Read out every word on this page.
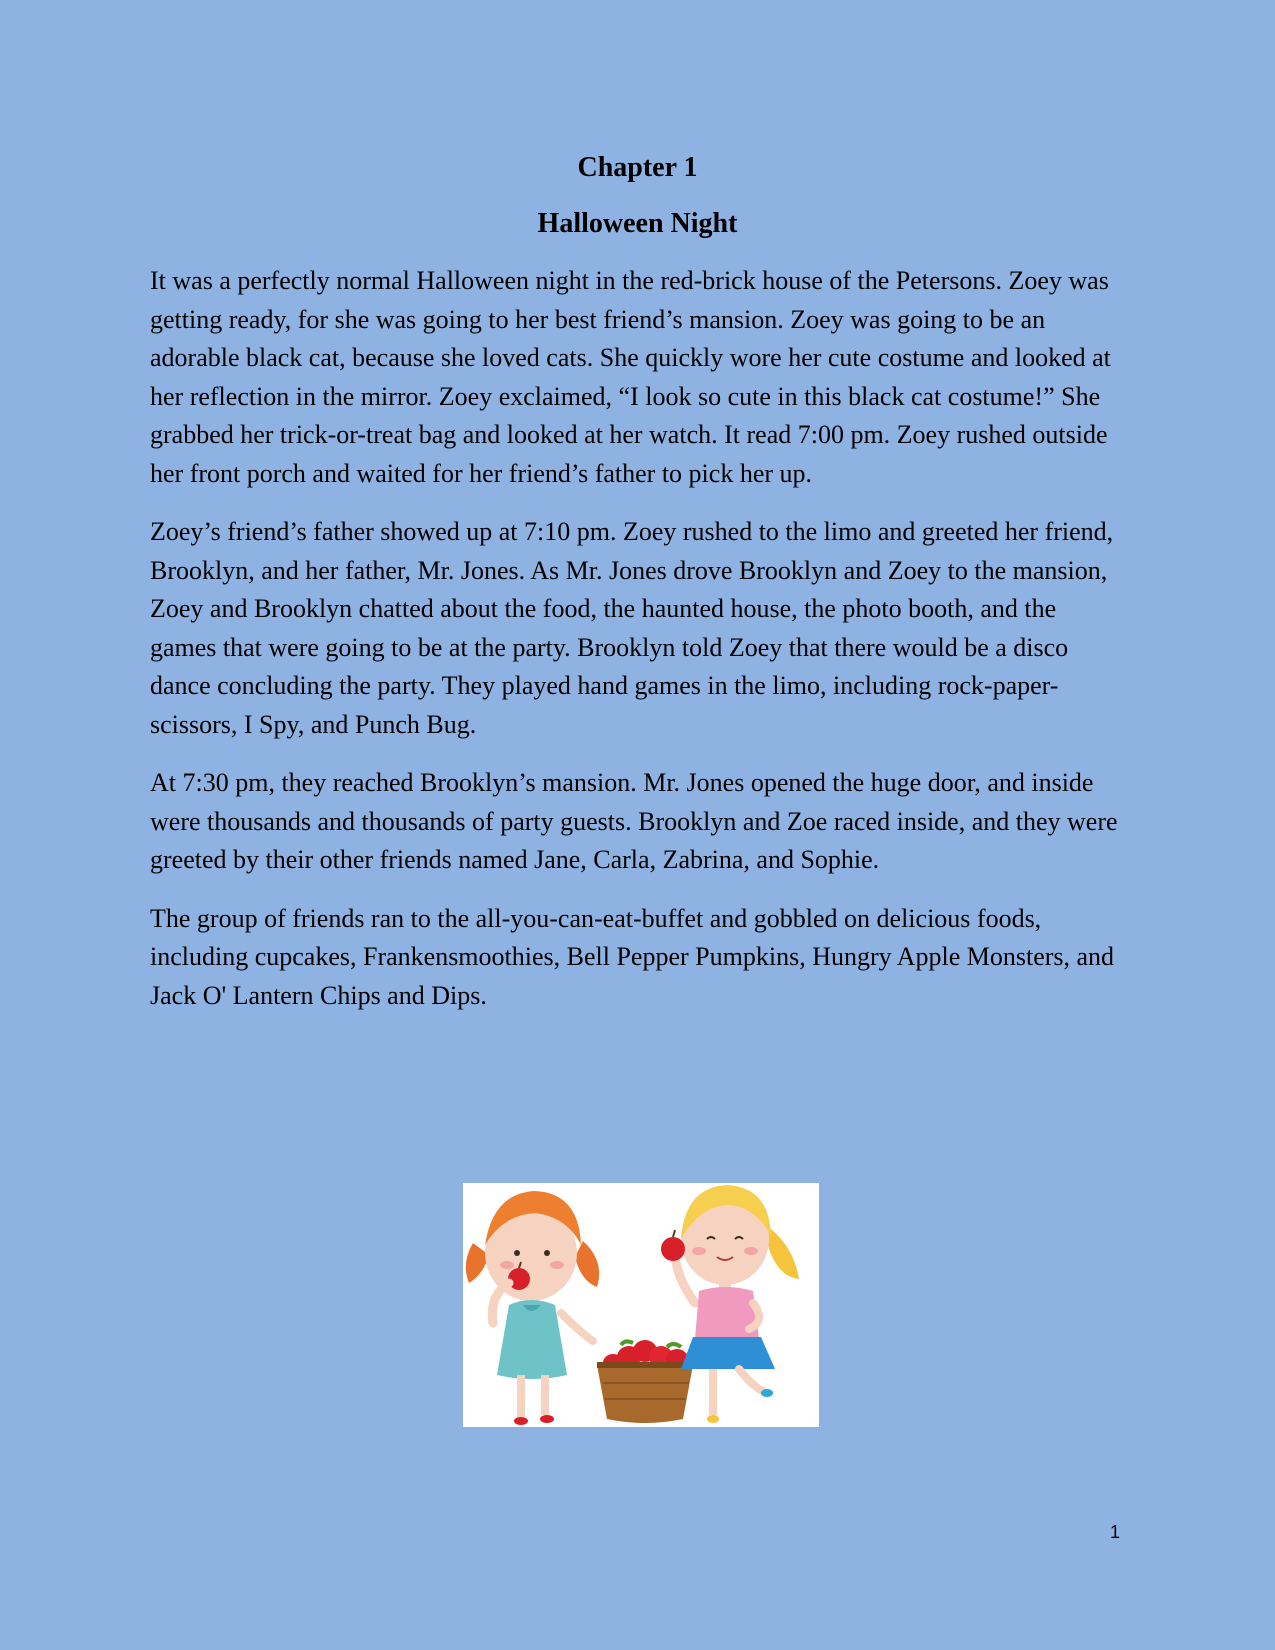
Chapter 1
Halloween Night

It was a perfectly normal Halloween night in the red-brick house of the Petersons. Zoey was getting ready, for she was going to her best friend’s mansion. Zoey was going to be an adorable black cat, because she loved cats. She quickly wore her cute costume and looked at her reflection in the mirror. Zoey exclaimed, “I look so cute in this black cat costume!” She grabbed her trick-or-treat bag and looked at her watch. It read 7:00 pm. Zoey rushed outside her front porch and waited for her friend’s father to pick her up.

Zoey’s friend’s father showed up at 7:10 pm. Zoey rushed to the limo and greeted her friend, Brooklyn, and her father, Mr. Jones. As Mr. Jones drove Brooklyn and Zoey to the mansion, Zoey and Brooklyn chatted about the food, the haunted house, the photo booth, and the games that were going to be at the party. Brooklyn told Zoey that there would be a disco dance concluding the party. They played hand games in the limo, including rock-paper-scissors, I Spy, and Punch Bug.

At 7:30 pm, they reached Brooklyn’s mansion. Mr. Jones opened the huge door, and inside were thousands and thousands of party guests. Brooklyn and Zoe raced inside, and they were greeted by their other friends named Jane, Carla, Zabrina, and Sophie.

The group of friends ran to the all-you-can-eat-buffet and gobbled on delicious foods, including cupcakes, Frankensmoothies, Bell Pepper Pumpkins, Hungry Apple Monsters, and Jack O' Lantern Chips and Dips.

1
